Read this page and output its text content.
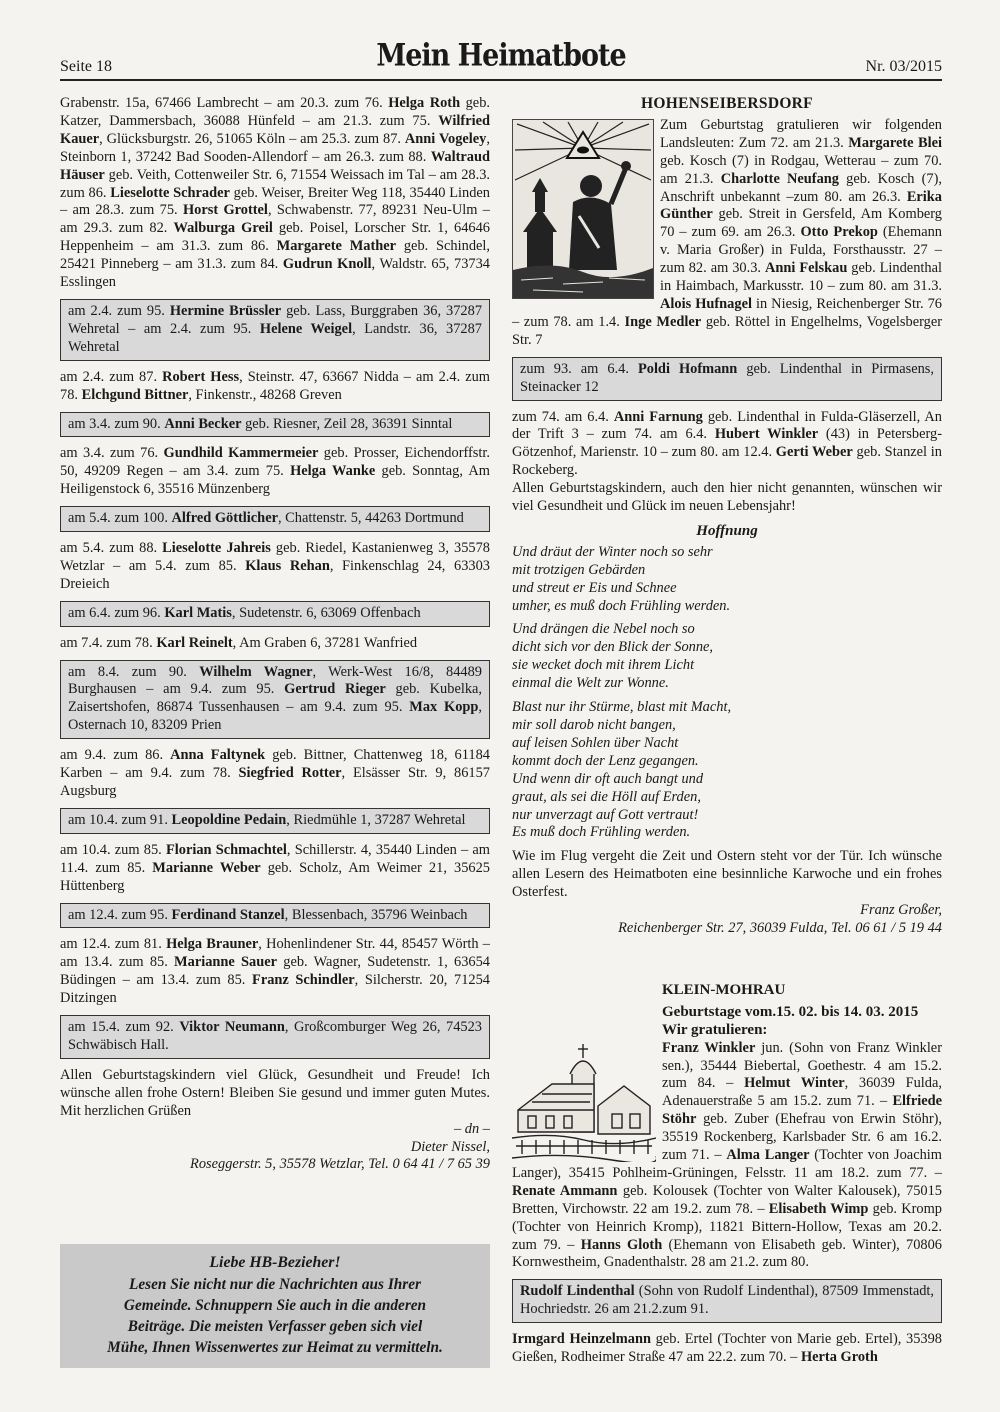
Seite 18	Mein Heimatbote	Nr. 03/2015

Grabenstr. 15a, 67466 Lambrecht – am 20.3. zum 76. Helga Roth geb. Katzer, Dammersbach, 36088 Hünfeld – am 21.3. zum 75. Wilfried Kauer, Glücksburgstr. 26, 51065 Köln – am 25.3. zum 87. Anni Vogeley, Steinborn 1, 37242 Bad Sooden-Allendorf – am 26.3. zum 88. Waltraud Häuser geb. Veith, Cottenweiler Str. 6, 71554 Weissach im Tal – am 28.3. zum 86. Lieselotte Schrader geb. Weiser, Breiter Weg 118, 35440 Linden – am 28.3. zum 75. Horst Grottel, Schwabenstr. 77, 89231 Neu-Ulm – am 29.3. zum 82. Walburga Greil geb. Poisel, Lorscher Str. 1, 64646 Heppenheim – am 31.3. zum 86. Margarete Mather geb. Schindel, 25421 Pinneberg – am 31.3. zum 84. Gudrun Knoll, Waldstr. 65, 73734 Esslingen

am 2.4. zum 95. Hermine Brüssler geb. Lass, Burggraben 36, 37287 Wehretal – am 2.4. zum 95. Helene Weigel, Landstr. 36, 37287 Wehretal

am 2.4. zum 87. Robert Hess, Steinstr. 47, 63667 Nidda – am 2.4. zum 78. Elchgund Bittner, Finkenstr., 48268 Greven

am 3.4. zum 90. Anni Becker geb. Riesner, Zeil 28, 36391 Sinntal

am 3.4. zum 76. Gundhild Kammermeier geb. Prosser, Eichendorffstr. 50, 49209 Regen – am 3.4. zum 75. Helga Wanke geb. Sonntag, Am Heiligenstock 6, 35516 Münzenberg

am 5.4. zum 100. Alfred Göttlicher, Chattenstr. 5, 44263 Dortmund

am 5.4. zum 88. Lieselotte Jahreis geb. Riedel, Kastanienweg 3, 35578 Wetzlar – am 5.4. zum 85. Klaus Rehan, Finkenschlag 24, 63303 Dreieich

am 6.4. zum 96. Karl Matis, Sudetenstr. 6, 63069 Offenbach

am 7.4. zum 78. Karl Reinelt, Am Graben 6, 37281 Wanfried

am 8.4. zum 90. Wilhelm Wagner, Werk-West 16/8, 84489 Burghausen – am 9.4. zum 95. Gertrud Rieger geb. Kubelka, Zaisertshofen, 86874 Tussenhausen – am 9.4. zum 95. Max Kopp, Osternach 10, 83209 Prien

am 9.4. zum 86. Anna Faltynek geb. Bittner, Chattenweg 18, 61184 Karben – am 9.4. zum 78. Siegfried Rotter, Elsässer Str. 9, 86157 Augsburg

am 10.4. zum 91. Leopoldine Pedain, Riedmühle 1, 37287 Wehretal

am 10.4. zum 85. Florian Schmachtel, Schillerstr. 4, 35440 Linden – am 11.4. zum 85. Marianne Weber geb. Scholz, Am Weimer 21, 35625 Hüttenberg

am 12.4. zum 95. Ferdinand Stanzel, Blessenbach, 35796 Weinbach

am 12.4. zum 81. Helga Brauner, Hohenlindener Str. 44, 85457 Wörth – am 13.4. zum 85. Marianne Sauer geb. Wagner, Sudetenstr. 1, 63654 Büdingen – am 13.4. zum 85. Franz Schindler, Silcherstr. 20, 71254 Ditzingen

am 15.4. zum 92. Viktor Neumann, Großcomburger Weg 26, 74523 Schwäbisch Hall.

Allen Geburtstagskindern viel Glück, Gesundheit und Freude! Ich wünsche allen frohe Ostern! Bleiben Sie gesund und immer guten Mutes. Mit herzlichen Grüßen

– dn –
Dieter Nissel,
Roseggerstr. 5, 35578 Wetzlar, Tel. 0 64 41 / 7 65 39
Liebe HB-Bezieher!
Lesen Sie nicht nur die Nachrichten aus Ihrer
Gemeinde. Schnuppern Sie auch in die anderen
Beiträge. Die meisten Verfasser geben sich viel
Mühe, Ihnen Wissenwertes zur Heimat zu vermitteln.
HOHENSEIBERSDORF

Zum Geburtstag gratulieren wir folgenden Landsleuten: Zum 72. am 21.3. Margarete Blei geb. Kosch (7) in Rodgau, Wetterau – zum 70. am 21.3. Charlotte Neufang geb. Kosch (7), Anschrift unbekannt –zum 80. am 26.3. Erika Günther geb. Streit in Gersfeld, Am Komberg 70 – zum 69. am 26.3. Otto Prekop (Ehemann v. Maria Großer) in Fulda, Forsthausstr. 27 – zum 82. am 30.3. Anni Felskau geb. Lindenthal in Haimbach, Markusstr. 10 – zum 80. am 31.3. Alois Hufnagel in Niesig, Reichenberger Str. 76 – zum 78. am 1.4. Inge Medler geb. Röttel in Engelhelms, Vogelsberger Str. 7

zum 93. am 6.4. Poldi Hofmann geb. Lindenthal in Pirmasens, Steinacker 12

zum 74. am 6.4. Anni Farnung geb. Lindenthal in Fulda-Gläserzell, An der Trift 3 – zum 74. am 6.4. Hubert Winkler (43) in Petersberg-Götzenhof, Marienstr. 10 – zum 80. am 12.4. Gerti Weber geb. Stanzel in Rockeberg.

Allen Geburtstagskindern, auch den hier nicht genannten, wünschen wir viel Gesundheit und Glück im neuen Lebensjahr!

Hoffnung
Und dräut der Winter noch so sehr
mit trotzigen Gebärden
und streut er Eis und Schnee
umher, es muß doch Frühling werden.
Und drängen die Nebel noch so
dicht sich vor den Blick der Sonne,
sie wecket doch mit ihrem Licht
einmal die Welt zur Wonne.
Blast nur ihr Stürme, blast mit Macht,
mir soll darob nicht bangen,
auf leisen Sohlen über Nacht
kommt doch der Lenz gegangen.
Und wenn dir oft auch bangt und
graut, als sei die Höll auf Erden,
nur unverzagt auf Gott vertraut!
Es muß doch Frühling werden.

Wie im Flug vergeht die Zeit und Ostern steht vor der Tür. Ich wünsche allen Lesern des Heimatboten eine besinnliche Karwoche und ein frohes Osterfest.

Franz Großer,
Reichenberger Str. 27, 36039 Fulda, Tel. 06 61 / 5 19 44
KLEIN-MOHRAU
Geburtstage vom.15. 02. bis 14. 03. 2015
Wir gratulieren:

Franz Winkler jun. (Sohn von Franz Winkler sen.), 35444 Biebertal, Goethestr. 4 am 15.2. zum 84. – Helmut Winter, 36039 Fulda, Adenauerstraße 5 am 15.2. zum 71. – Elfriede Stöhr geb. Zuber (Ehefrau von Erwin Stöhr), 35519 Rockenberg, Karlsbader Str. 6 am 16.2. zum 71. – Alma Langer (Tochter von Joachim Langer), 35415 Pohlheim-Grüningen, Felsstr. 11 am 18.2. zum 77. – Renate Ammann geb. Kolousek (Tochter von Walter Kalousek), 75015 Bretten, Virchowstr. 22 am 19.2. zum 78. – Elisabeth Wimp geb. Kromp (Tochter von Heinrich Kromp), 11821 Bittern-Hollow, Texas am 20.2. zum 79. – Hanns Gloth (Ehemann von Elisabeth geb. Winter), 70806 Kornwestheim, Gnadenthalstr. 28 am 21.2. zum 80.

Rudolf Lindenthal (Sohn von Rudolf Lindenthal), 87509 Immenstadt, Hochriedstr. 26 am 21.2.zum 91.

Irmgard Heinzelmann geb. Ertel (Tochter von Marie geb. Ertel), 35398 Gießen, Rodheimer Straße 47 am 22.2. zum 70. – Herta Groth
